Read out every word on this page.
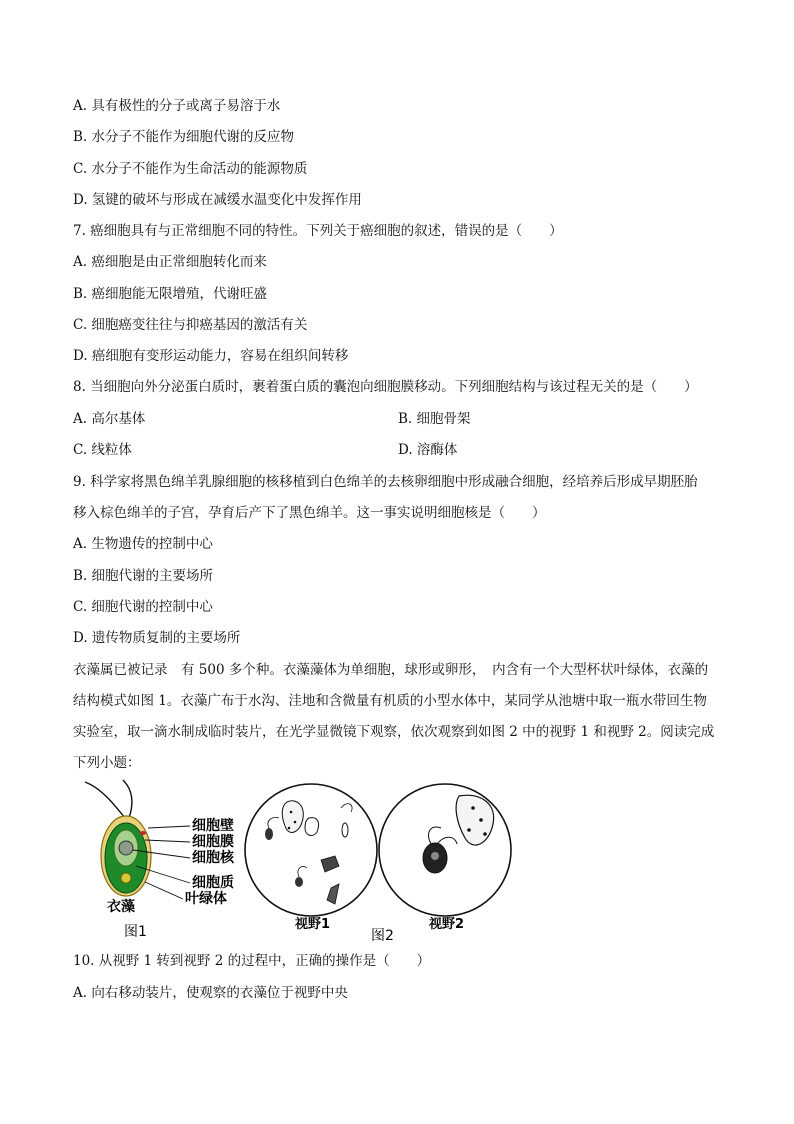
A. 具有极性的分子或离子易溶于水
B. 水分子不能作为细胞代谢的反应物
C. 水分子不能作为生命活动的能源物质
D. 氢键的破坏与形成在减缓水温变化中发挥作用
7. 癌细胞具有与正常细胞不同的特性。下列关于癌细胞的叙述，错误的是（　　）
A. 癌细胞是由正常细胞转化而来
B. 癌细胞能无限增殖，代谢旺盛
C. 细胞癌变往往与抑癌基因的激活有关
D. 癌细胞有变形运动能力，容易在组织间转移
8. 当细胞向外分泌蛋白质时，裹着蛋白质的囊泡向细胞膜移动。下列细胞结构与该过程无关的是（　　）
A. 高尔基体	B. 细胞骨架
C. 线粒体	D. 溶酶体
9. 科学家将黑色绵羊乳腺细胞的核移植到白色绵羊的去核卵细胞中形成融合细胞，经培养后形成早期胚胎
移入棕色绵羊的子宫，孕育后产下了黑色绵羊。这一事实说明细胞核是（　　）
A. 生物遗传的控制中心
B. 细胞代谢的主要场所
C. 细胞代谢的控制中心
D. 遗传物质复制的主要场所
衣藻属已被记录　有 500 多个种。衣藻藻体为单细胞，球形或卵形，　内含有一个大型杯状叶绿体，衣藻的
结构模式如图 1。衣藻广布于水沟、洼地和含微量有机质的小型水体中，某同学从池塘中取一瓶水带回生物
实验室，取一滴水制成临时装片，在光学显微镜下观察，依次观察到如图 2 中的视野 1 和视野 2。阅读完成
下列小题：
细胞壁
细胞膜
细胞核
细胞质
叶绿体
衣藻
图1	视野1	视野2
图2
10. 从视野 1 转到视野 2 的过程中，正确的操作是（　　）
A. 向右移动装片，使观察的衣藻位于视野中央
